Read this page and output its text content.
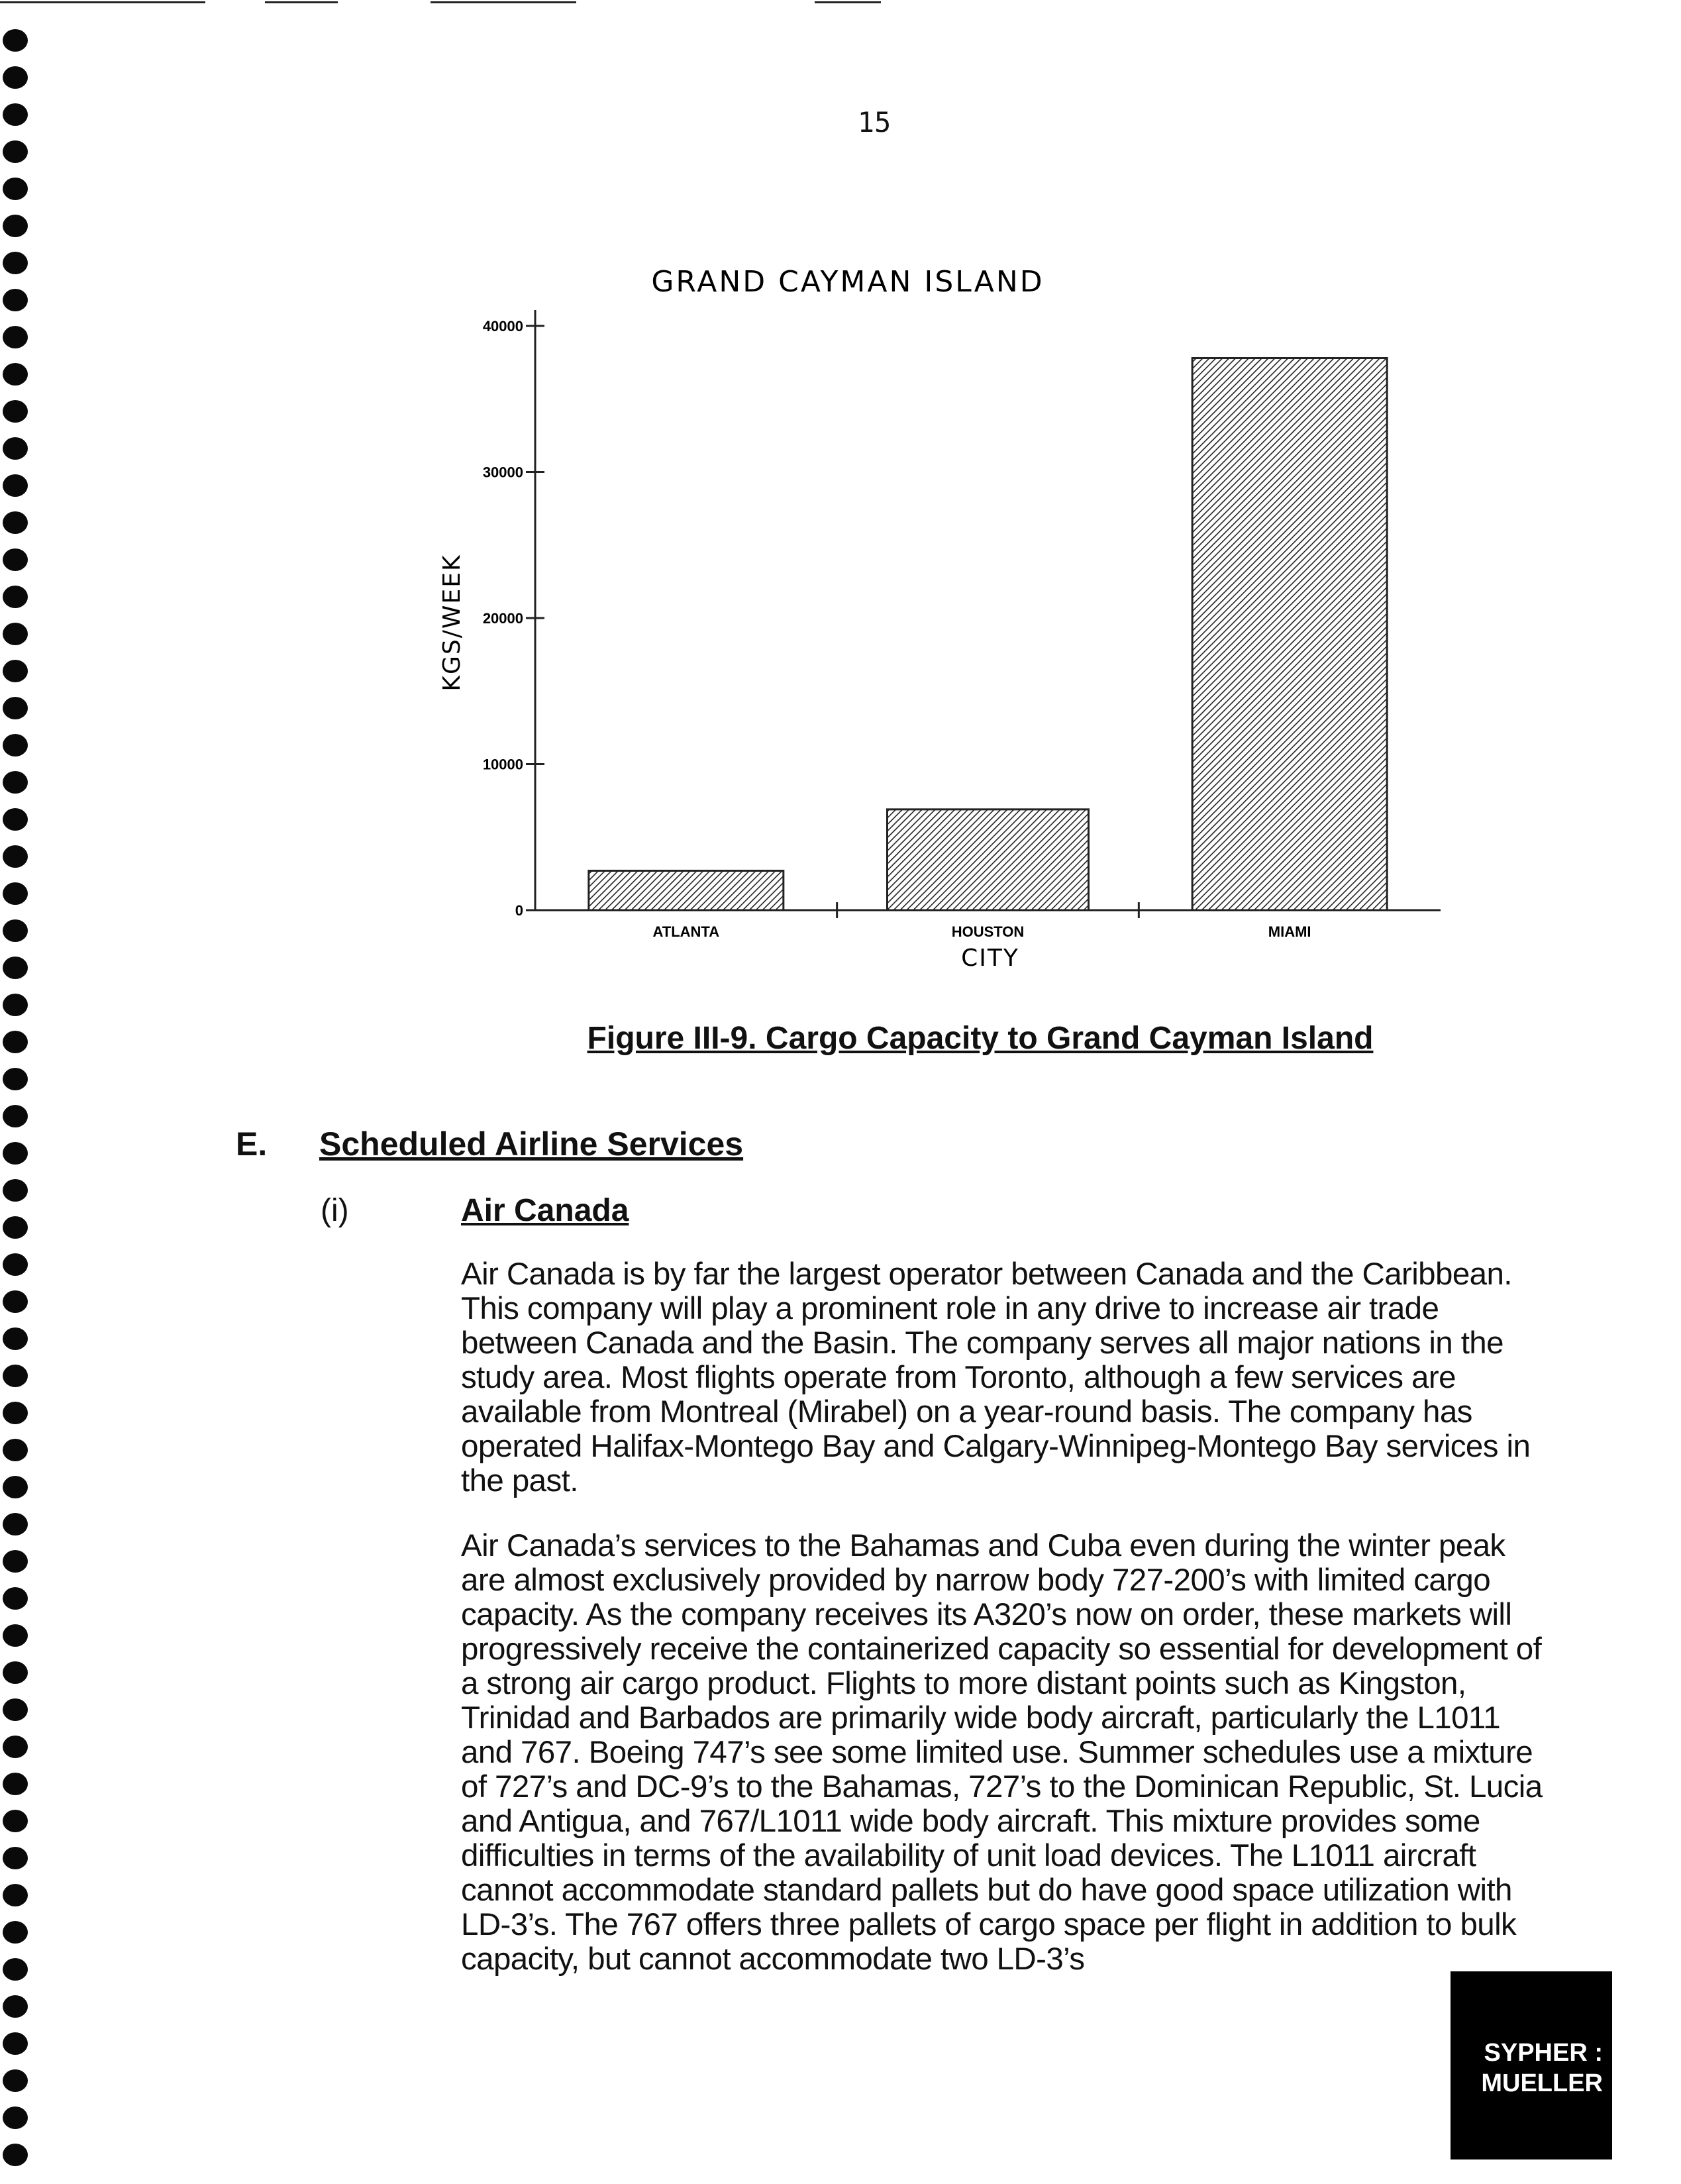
15
GRAND CAYMAN ISLAND
KGS/WEEK
CITY
0
10000
20000
30000
40000
ATLANTA	HOUSTON	MIAMI

Figure III-9. Cargo Capacity to Grand Cayman Island

E. Scheduled Airline Services
(i)	Air Canada

Air Canada is by far the largest operator between Canada and the Caribbean. This company will play a prominent role in any drive to increase air trade between Canada and the Basin. The company serves all major nations in the study area. Most flights operate from Toronto, although a few services are available from Montreal (Mirabel) on a year-round basis. The company has operated Halifax-Montego Bay and Calgary-Winnipeg-Montego Bay services in the past.

Air Canada’s services to the Bahamas and Cuba even during the winter peak are almost exclusively provided by narrow body 727-200’s with limited cargo capacity. As the company receives its A320’s now on order, these markets will progressively receive the containerized capacity so essential for development of a strong air cargo product. Flights to more distant points such as Kingston, Trinidad and Barbados are primarily wide body aircraft, particularly the L1011 and 767. Boeing 747’s see some limited use. Summer schedules use a mixture of 727’s and DC-9’s to the Bahamas, 727’s to the Dominican Republic, St. Lucia and Antigua, and 767/L1011 wide body aircraft. This mixture provides some difficulties in terms of the availability of unit load devices. The L1011 aircraft cannot accommodate standard pallets but do have good space utilization with LD-3’s. The 767 offers three pallets of cargo space per flight in addition to bulk capacity, but cannot accommodate two LD-3’s

SYPHER :
MUELLER
